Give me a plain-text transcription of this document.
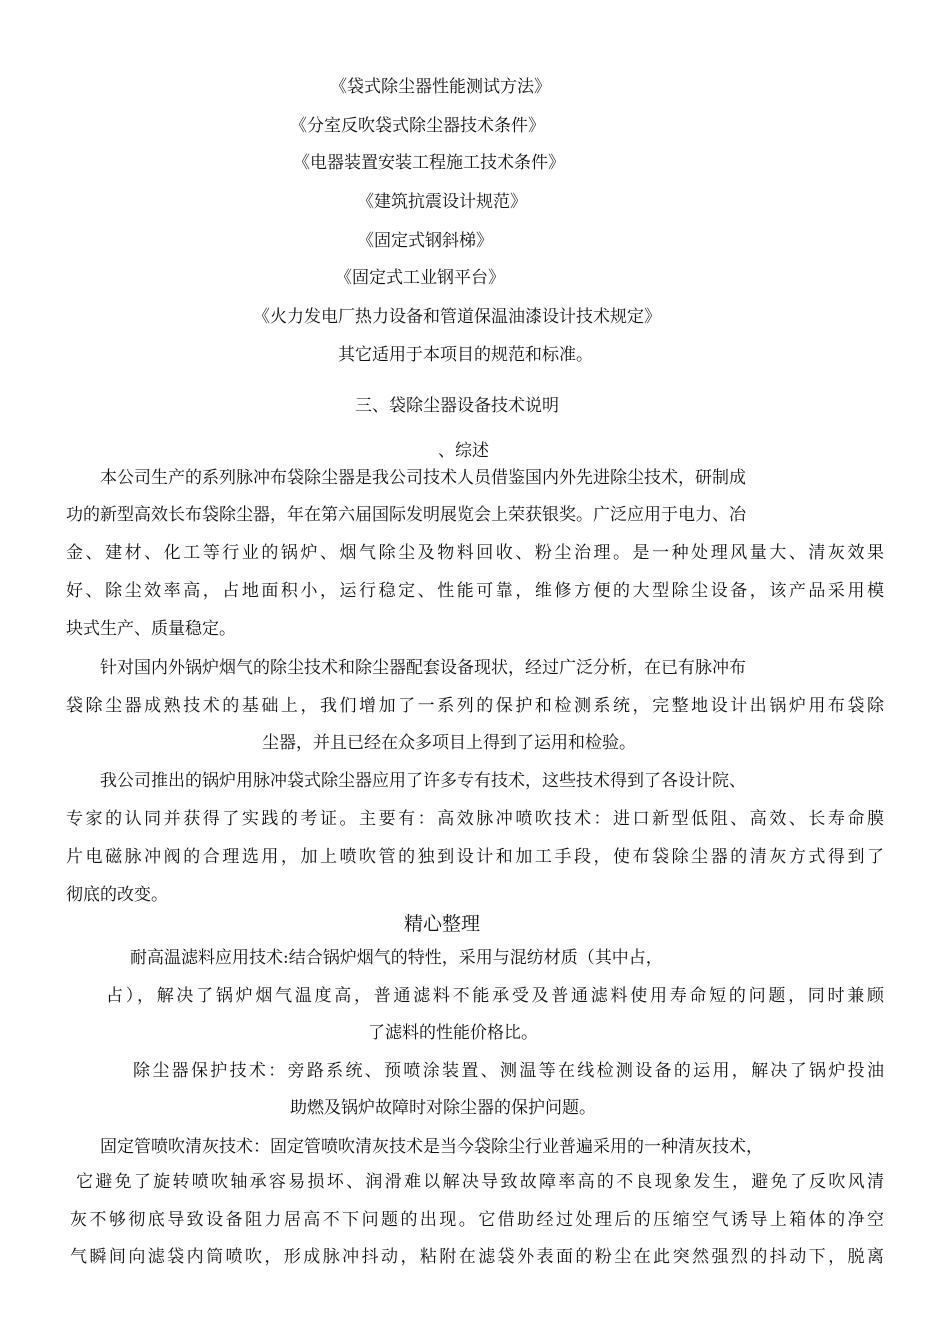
《袋式除尘器性能测试方法》
《分室反吹袋式除尘器技术条件》
《电器装置安装工程施工技术条件》
《建筑抗震设计规范》
《固定式钢斜梯》
《固定式工业钢平台》
《火力发电厂热力设备和管道保温油漆设计技术规定》
其它适用于本项目的规范和标准。
三、袋除尘器设备技术说明
、综述
本公司生产的系列脉冲布袋除尘器是我公司技术人员借鉴国内外先进除尘技术，研制成
功的新型高效长布袋除尘器，年在第六届国际发明展览会上荣获银奖。广泛应用于电力、冶
金、建材、化工等行业的锅炉、烟气除尘及物料回收、粉尘治理。是一种处理风量大、清灰效果
好、除尘效率高，占地面积小，运行稳定、性能可靠，维修方便的大型除尘设备，该产品采用模
块式生产、质量稳定。
针对国内外锅炉烟气的除尘技术和除尘器配套设备现状，经过广泛分析，在已有脉冲布
袋除尘器成熟技术的基础上，我们增加了一系列的保护和检测系统，完整地设计出锅炉用布袋除
尘器，并且已经在众多项目上得到了运用和检验。
我公司推出的锅炉用脉冲袋式除尘器应用了许多专有技术，这些技术得到了各设计院、
专家的认同并获得了实践的考证。主要有：高效脉冲喷吹技术：进口新型低阻、高效、长寿命膜
片电磁脉冲阀的合理选用，加上喷吹管的独到设计和加工手段，使布袋除尘器的清灰方式得到了
彻底的改变。
精心整理
耐高温滤料应用技术:结合锅炉烟气的特性，采用与混纺材质（其中占，
占），解决了锅炉烟气温度高，普通滤料不能承受及普通滤料使用寿命短的问题，同时兼顾
了滤料的性能价格比。
除尘器保护技术：旁路系统、预喷涂装置、测温等在线检测设备的运用，解决了锅炉投油
助燃及锅炉故障时对除尘器的保护问题。
固定管喷吹清灰技术：固定管喷吹清灰技术是当今袋除尘行业普遍采用的一种清灰技术，
它避免了旋转喷吹轴承容易损坏、润滑难以解决导致故障率高的不良现象发生，避免了反吹风清
灰不够彻底导致设备阻力居高不下问题的出现。它借助经过处理后的压缩空气诱导上箱体的净空
气瞬间向滤袋内筒喷吹，形成脉冲抖动，粘附在滤袋外表面的粉尘在此突然强烈的抖动下，脱离
